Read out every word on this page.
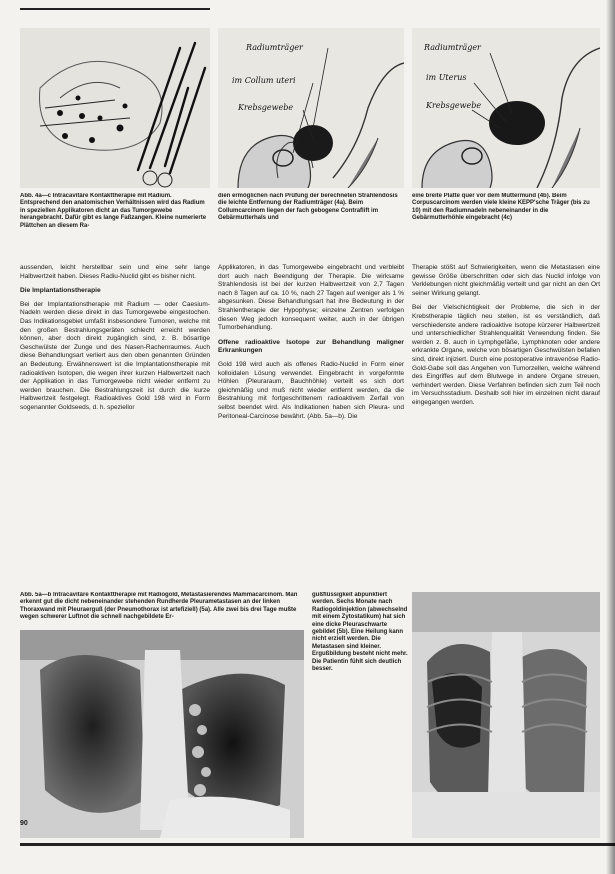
Abb. 4a—c Intracavitäre Kontakttherapie mit Radium. Entsprechend den anatomischen Verhältnissen wird das Radium in speziellen Applikatoren dicht an das Tumorgewebe herangebracht. Dafür gibt es lange Faßzangen. Kleine numerierte Plättchen an diesem Ra-

Radiumträger
im Collum uteri
Krebsgewebe

dien ermöglichen nach Prüfung der berechneten Strahlendosis die leichte Entfernung der Radiumträger (4a). Beim Collumcarcinom liegen der fach gebogene Contraflift im Gebärmutterhals und

Radiumträger
im Uterus
Krebsgewebe

eine breite Platte quer vor dem Muttermund (4b). Beim Corpuscarcinom werden viele kleine KEPP'sche Träger (bis zu 10) mit den Radiumnadeln nebeneinander in die Gebärmutterhöhle eingebracht (4c)

aussenden, leicht herstellbar sein und eine sehr lange Halbwertzeit haben. Dieses Radiu-Nuclid gibt es bisher nicht.

Die Implantationstherapie

Bei der Implantationstherapie mit Radium — oder Caesium-Nadeln werden diese direkt in das Tumorgewebe eingestochen. Das Indikationsgebiet umfaßt insbesondere Tumoren, welche mit den großen Bestrahlungsgeräten schlecht erreicht werden können, aber doch direkt zugänglich sind, z. B. bösartige Geschwülste der Zunge und des Nasen-Rachenraumes. Auch diese Behandlungsart verliert aus den oben genannten Gründen an Bedeutung. Erwähnenswert ist die Implantationstherapie mit radioaktiven Isotopen, die wegen ihrer kurzen Halbwertzeit nach der Applikation in das Tumorgewebe nicht wieder entfernt zu werden brauchen. Die Bestrahlungszeit ist durch die kurze Halbwertzeit festgelegt. Radioaktives Gold 198 wird in Form sogenannter Goldseeds, d. h. speziellor

Applikatoren, in das Tumorgewebe eingebracht und verbleibt dort auch nach Beendigung der Therapie. Die wirksame Strahlendosis ist bei der kurzen Halbwertzeit von 2,7 Tagen nach 8 Tagen auf ca. 10 %, nach 27 Tagen auf weniger als 1 % abgesunken. Diese Behandlungsart hat ihre Bedeutung in der Strahlentherapie der Hypophyse; einzelne Zentren verfolgen diesen Weg jedoch konsequent weiter, auch in der übrigen Tumorbehandlung.

Offene radioaktive Isotope zur Behandlung maligner Erkrankungen

Gold 198 wird auch als offenes Radio-Nuclid in Form einer kolloidalen Lösung verwendet. Eingebracht in vorgeformte Höhlen (Pleuraraum, Bauchhöhle) verteilt es sich dort gleichmäßig und muß nicht wieder entfernt werden, da die Bestrahlung mit fortgeschrittenem radioaktivem Zerfall von selbst beendet wird. Als Indikationen haben sich Pleura- und Peritoneal-Carcinose bewährt. (Abb. 5a—b). Die

Therapie stößt auf Schwierigkeiten, wenn die Metastasen eine gewisse Größe überschritten oder sich das Nuclid infolge von Verklebungen nicht gleichmäßig verteilt und gar nicht an den Ort seiner Wirkung gelangt.

Bei der Vielschichtigkeit der Probleme, die sich in der Krebstherapie täglich neu stellen, ist es verständlich, daß verschiedenste andere radioaktive Isotope kürzerer Halbwertzeit und unterschiedlicher Strahlenqualität Verwendung finden. Sie werden z. B. auch in Lymphgefäße, Lymphknoten oder andere erkrankte Organe, welche von bösartigen Geschwülsten befallen sind, direkt injiziert. Durch eine postoperative intravenöse Radio-Gold-Gabe soll das Angehen von Tumorzellen, welche während des Eingriffes auf dem Blutwege in andere Organe streuen, verhindert werden. Diese Verfahren befinden sich zum Teil noch im Versuchsstadium. Deshalb soll hier im einzelnen nicht darauf eingegangen werden.

Abb. 5a—b Intracavitäre Kontakttherapie mit Radiogold, Metastasierendes Mammacarcinom. Man erkennt gut die dicht nebeneinander stehenden Rundherde Pleurametastasen an der linken Thoraxwand mit Pleuraerguß (der Pneumothorax ist artefiziell) (5a). Alle zwei bis drei Tage mußte wegen schwerer Luftnot die schnell nachgebildete Er-

gußflüssigkeit abpunktiert werden. Sechs Monate nach Radiogoldinjektion (abwechselnd mit einem Zytostatikum) hat sich eine dicke Pleuraschwarte gebildet (5b). Eine Heilung kann nicht erzielt werden. Die Metastasen sind kleiner. Ergußbildung besteht nicht mehr. Die Patientin fühlt sich deutlich besser.

90
